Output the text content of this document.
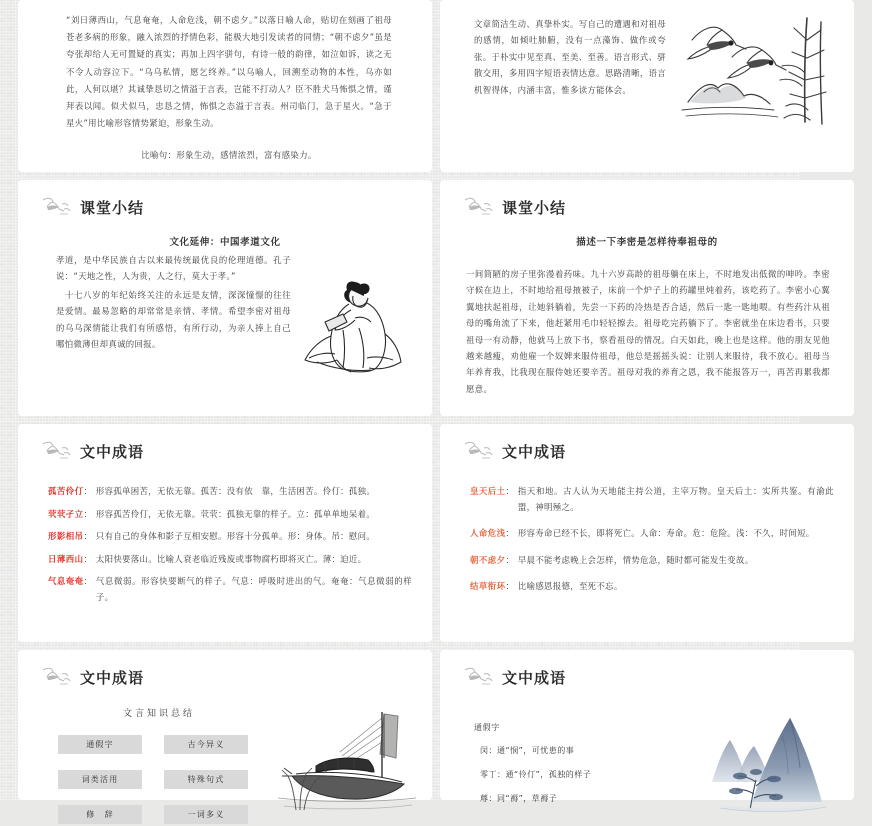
“刘日薄西山，气息奄奄，人命危浅，朝不虑夕。”以落日喻人命，贴切在刻画了祖母苍老多病的形象，融入浓烈的抒情色彩，能极大地引发读者的同情；“朝不虑夕”虽是夸张却给人无可置疑的真实；再加上四字骈句，有诗一般的韵律，如泣如诉，读之无不令人动容泣下。“乌乌私情，愿乞终养。”以乌喻人，回溯至动物的本性，乌亦如此，人何以堪？其诚挚恳切之情溢于言表，岂能不打动人？臣不胜犬马怖惧之情，谨拜表以闻。似犬似马，忠恳之情，怖惧之态溢于言表。州司临门，急于星火。“急于星火”用比喻形容情势紧迫，形象生动。
比喻句：形象生动，感情浓烈，富有感染力。
文章简洁生动、真挚朴实。写自己的遭遇和对祖母的感情，如倾吐肺腑，没有一点藻饰、做作或夸张。于朴实中见至真、至美、至善。语言形式、骈散交用，多用四字短语表情达意。思路清晰，语言机智得体，内涵丰富，惟多读方能体会。
课堂小结
文化延伸：中国孝道文化

孝道，是中华民族自古以来最传统最优良的伦理道德。孔子说：“天地之性，人为贵，人之行，莫大于孝。”

　十七八岁的年纪始终关注的永远是友情，深深憧憬的往往是爱情。最易忽略的却常常是亲情、孝情。希望李密对祖母的乌乌深情能让我们有所感悟，有所行动，为亲人捧上自己哪怕微薄但却真诚的回报。

课堂小结
描述一下李密是怎样待奉祖母的
一间简陋的房子里弥漫着药味。九十六岁高龄的祖母躺在床上，不时地发出低微的呻吟。李密守候在边上，不时地给祖母掖被子，床前一个炉子上的药罐里炖着药，该吃药了。李密小心翼翼地扶起祖母，让她斜躺着，先尝一下药的冷热是否合适，然后一匙一匙地喂。有些药汁从祖母的嘴角流了下来，他赶紧用毛巾轻轻擦去。祖母吃完药躺下了。李密就坐在床边看书，只要祖母一有动静，他就马上放下书，察看祖母的情况。白天如此，晚上也是这样。他的朋友见他越来越瘦，劝他雇一个奴婢来服侍祖母，他总是摇摇头说：让别人来服待，我不放心。祖母当年养育我，比我现在服侍她还要辛苦。祖母对我的养育之恩，我不能报答万一，再苦再累我都愿意。
文中成语
孤苦伶仃 ： 形容孤单困苦，无依无靠。孤苦：没有依　靠，生活困苦。伶仃：孤独。
茕茕孑立 ： 形容孤苦伶仃，无依无靠。茕茕：孤独无靠的样子。立：孤单单地呆着。
形影相吊 ： 只有自己的身体和影子互相安慰。形容十分孤单。形：身体。吊：慰问。
日薄西山 ： 太阳快要落山。比喻人衰老临近残废或事物腐朽即将灭亡。薄：迫近。
气息奄奄 ： 气息微弱。形容快要断气的样子。气息：呼吸时进出的气。奄奄：气息微弱的样子。
文中成语
皇天后土 ： 指天和地。古人认为天地能主持公道，主宰万物。皇天后土：实所共鉴。有渝此盟，神明殛之。
人命危浅 ： 形容寿命已经不长，即将死亡。人命：寿命。危：危险。浅：不久，时间短。
朝不虑夕 ： 早晨不能考虑晚上会怎样，情势危急，随时都可能发生变故。
结草衔环 ： 比喻感恩报德，至死不忘。
文中成语
文言知识总结
通假字	古今异义
词类活用	特殊句式
修　辞	一词多义
文中成语
通假字
闵：通“悯”，可忧患的事
零丁：通“伶仃”，孤独的样子
蓐：同“褥”，草褥子
